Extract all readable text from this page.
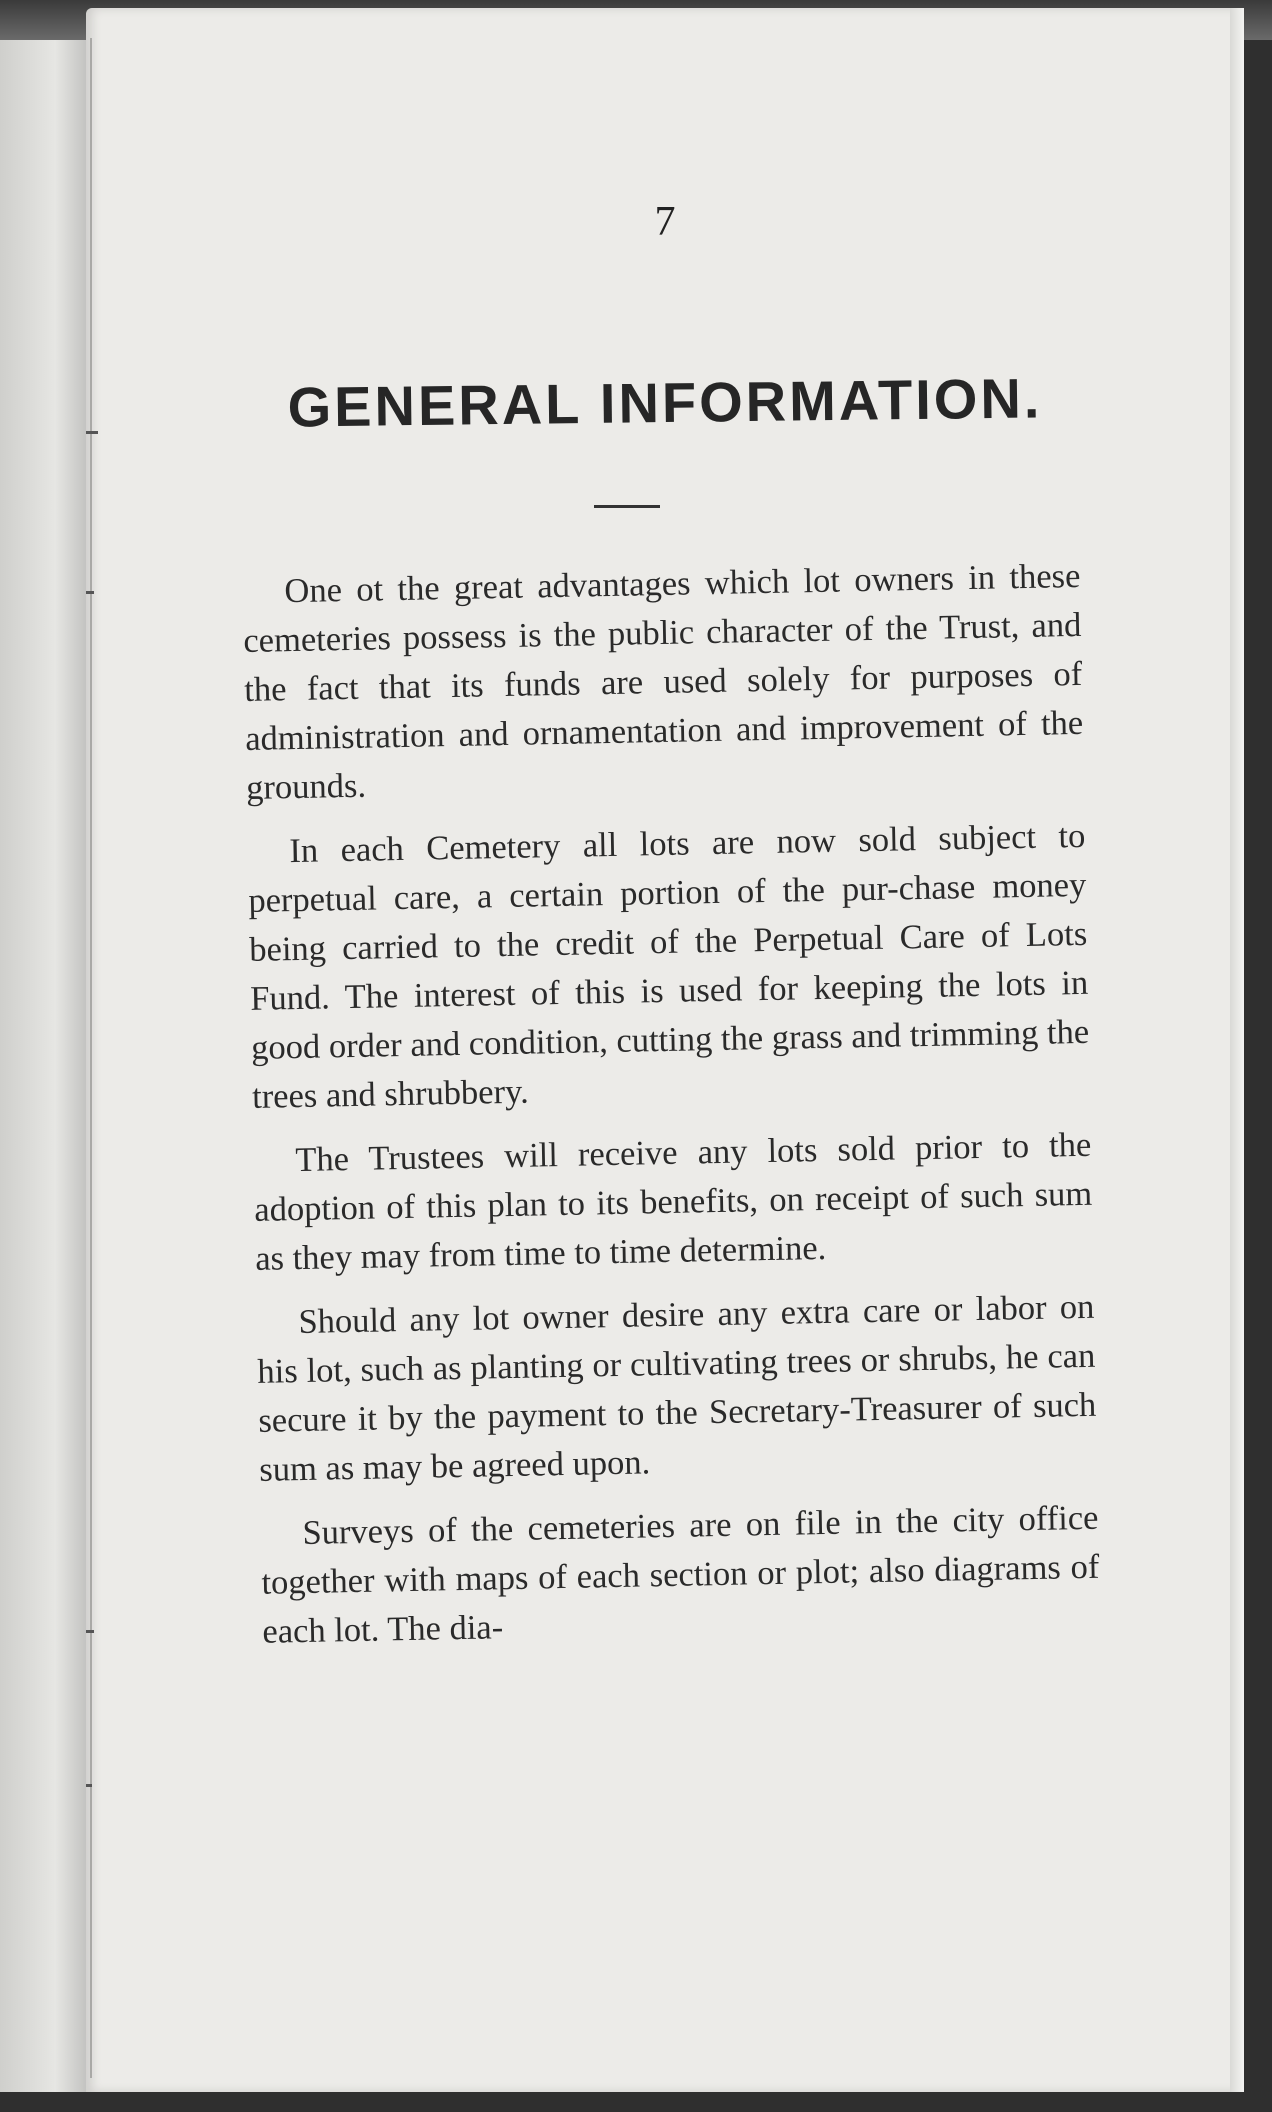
7
GENERAL INFORMATION.

One ot the great advantages which lot owners in these cemeteries possess is the public character of the Trust, and the fact that its funds are used solely for purposes of administration and ornamentation and improvement of the grounds.

In each Cemetery all lots are now sold subject to perpetual care, a certain portion of the pur-chase money being carried to the credit of the Perpetual Care of Lots Fund. The interest of this is used for keeping the lots in good order and condition, cutting the grass and trimming the trees and shrubbery.

The Trustees will receive any lots sold prior to the adoption of this plan to its benefits, on receipt of such sum as they may from time to time determine.

Should any lot owner desire any extra care or labor on his lot, such as planting or cultivating trees or shrubs, he can secure it by the payment to the Secretary-Treasurer of such sum as may be agreed upon.

Surveys of the cemeteries are on file in the city office together with maps of each section or plot; also diagrams of each lot. The dia-
